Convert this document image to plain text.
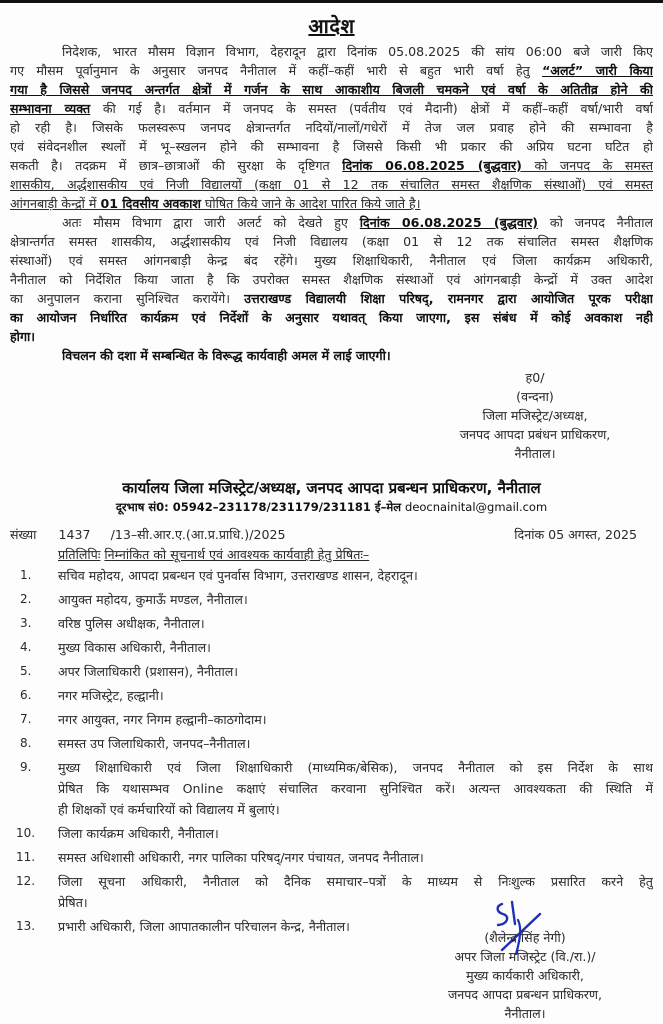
आदेश
निदेशक, भारत मौसम विज्ञान विभाग, देहरादून द्वारा दिनांक 05.08.2025 की सांय 06:00 बजे जारी किए
गए मौसम पूर्वानुमान के अनुसार जनपद नैनीताल में कहीं–कहीं भारी से बहुत भारी वर्षा हेतु “अलर्ट” जारी किया
गया है जिससे जनपद अन्तर्गत क्षेत्रों में गर्जन के साथ आकाशीय बिजली चमकने एवं वर्षा के अतितीव्र होने की
सम्भावना व्यक्त की गई है। वर्तमान में जनपद के समस्त (पर्वतीय एवं मैदानी) क्षेत्रों में कहीं–कहीं वर्षा/भारी वर्षा
हो रही है। जिसके फलस्वरूप जनपद क्षेत्रान्तर्गत नदियों/नालों/गधेरों में तेज जल प्रवाह होने की सम्भावना है
एवं संवेदनशील स्थलों में भू–स्खलन होने की सम्भावना है जिससे किसी भी प्रकार की अप्रिय घटना घटित हो
सकती है। तदक्रम में छात्र–छात्राओं की सुरक्षा के दृष्टिगत दिनांक 06.08.2025 (बुद्धवार) को जनपद के समस्त
शासकीय, अर्द्धशासकीय एवं निजी विद्यालयों (कक्षा 01 से 12 तक संचालित समस्त शैक्षणिक संस्थाओं) एवं समस्त
आंगनबाड़ी केन्द्रों में 01 दिवसीय अवकाश घोषित किये जाने के आदेश पारित किये जाते है।
अतः मौसम विभाग द्वारा जारी अलर्ट को देखते हुए दिनांक 06.08.2025 (बुद्धवार) को जनपद नैनीताल
क्षेत्रान्तर्गत समस्त शासकीय, अर्द्धशासकीय एवं निजी विद्यालय (कक्षा 01 से 12 तक संचालित समस्त शैक्षणिक
संस्थाओं) एवं समस्त आंगनबाड़ी केन्द्र बंद रहेंगे। मुख्य शिक्षाधिकारी, नैनीताल एवं जिला कार्यक्रम अधिकारी,
नैनीताल को निर्देशित किया जाता है कि उपरोक्त समस्त शैक्षणिक संस्थाओं एवं आंगनबाड़ी केन्द्रों में उक्त आदेश
का अनुपालन कराना सुनिश्चित करायेंगे। उत्तराखण्ड विद्यालयी शिक्षा परिषद्, रामनगर द्वारा आयोजित पूरक परीक्षा
का आयोजन निर्धारित कार्यक्रम एवं निर्देशों के अनुसार यथावत् किया जाएगा, इस संबंध में कोई अवकाश नही
होगा।
विचलन की दशा में सम्बन्धित के विरूद्ध कार्यवाही अमल में लाई जाएगी।
ह0/
(वन्दना)
जिला मजिस्ट्रेट/अध्यक्ष,
जनपद आपदा प्रबंधन प्राधिकरण,
नैनीताल।
कार्यालय जिला मजिस्ट्रेट/अध्यक्ष, जनपद आपदा प्रबन्धन प्राधिकरण, नैनीताल
दूरभाष सं0: 05942–231178/231179/231181 ई–मेल deocnainital@gmail.com
संख्या 1437 /13–सी.आर.ए.(आ.प्र.प्राधि.)/2025	दिनांक 05 अगस्त, 2025
प्रतिलिपिः निम्नांकित को सूचनार्थ एवं आवश्यक कार्यवाही हेतु प्रेषितः–
1.	सचिव महोदय, आपदा प्रबन्धन एवं पुनर्वास विभाग, उत्तराखण्ड शासन, देहरादून।
2.	आयुक्त महोदय, कुमाऊँ मण्डल, नैनीताल।
3.	वरिष्ठ पुलिस अधीक्षक, नैनीताल।
4.	मुख्य विकास अधिकारी, नैनीताल।
5.	अपर जिलाधिकारी (प्रशासन), नैनीताल।
6.	नगर मजिस्ट्रेट, हल्द्वानी।
7.	नगर आयुक्त, नगर निगम हल्द्वानी–काठगोदाम।
8.	समस्त उप जिलाधिकारी, जनपद–नैनीताल।
9.	मुख्य शिक्षाधिकारी एवं जिला शिक्षाधिकारी (माध्यमिक/बेसिक), जनपद नैनीताल को इस निर्देश के साथ
प्रेषित कि यथासम्भव Online कक्षाएं संचालित करवाना सुनिश्चित करें। अत्यन्त आवश्यकता की स्थिति में
ही शिक्षकों एवं कर्मचारियों को विद्यालय में बुलाएं।
10. जिला कार्यक्रम अधिकारी, नैनीताल।
11. समस्त अधिशासी अधिकारी, नगर पालिका परिषद्/नगर पंचायत, जनपद नैनीताल।
12. जिला सूचना अधिकारी, नैनीताल को दैनिक समाचार–पत्रों के माध्यम से निःशुल्क प्रसारित करने हेतु
प्रेषित।
13. प्रभारी अधिकारी, जिला आपातकालीन परिचालन केन्द्र, नैनीताल।
(शैलेन्द्र सिंह नेगी)
अपर जिला मजिस्ट्रेट (वि./रा.)/
मुख्य कार्यकारी अधिकारी,
जनपद आपदा प्रबन्धन प्राधिकरण,
नैनीताल।
